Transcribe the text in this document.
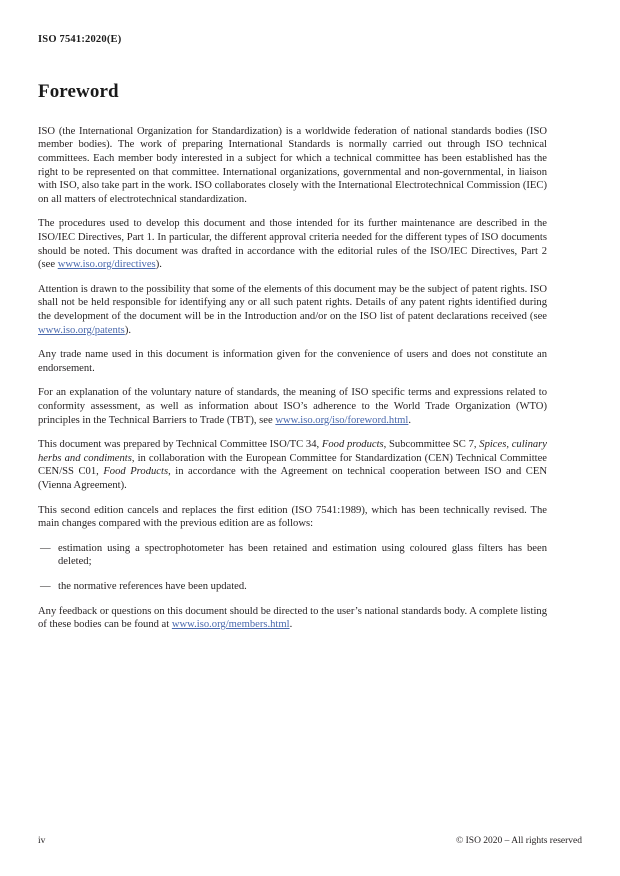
ISO 7541:2020(E)
Foreword

ISO (the International Organization for Standardization) is a worldwide federation of national standards bodies (ISO member bodies). The work of preparing International Standards is normally carried out through ISO technical committees. Each member body interested in a subject for which a technical committee has been established has the right to be represented on that committee. International organizations, governmental and non-governmental, in liaison with ISO, also take part in the work. ISO collaborates closely with the International Electrotechnical Commission (IEC) on all matters of electrotechnical standardization.

The procedures used to develop this document and those intended for its further maintenance are described in the ISO/IEC Directives, Part 1. In particular, the different approval criteria needed for the different types of ISO documents should be noted. This document was drafted in accordance with the editorial rules of the ISO/IEC Directives, Part 2 (see www.iso.org/directives).

Attention is drawn to the possibility that some of the elements of this document may be the subject of patent rights. ISO shall not be held responsible for identifying any or all such patent rights. Details of any patent rights identified during the development of the document will be in the Introduction and/or on the ISO list of patent declarations received (see www.iso.org/patents).

Any trade name used in this document is information given for the convenience of users and does not constitute an endorsement.

For an explanation of the voluntary nature of standards, the meaning of ISO specific terms and expressions related to conformity assessment, as well as information about ISO’s adherence to the World Trade Organization (WTO) principles in the Technical Barriers to Trade (TBT), see www.iso.org/iso/foreword.html.

This document was prepared by Technical Committee ISO/TC 34, Food products, Subcommittee SC 7, Spices, culinary herbs and condiments, in collaboration with the European Committee for Standardization (CEN) Technical Committee CEN/SS C01, Food Products, in accordance with the Agreement on technical cooperation between ISO and CEN (Vienna Agreement).

This second edition cancels and replaces the first edition (ISO 7541:1989), which has been technically revised. The main changes compared with the previous edition are as follows:

— estimation using a spectrophotometer has been retained and estimation using coloured glass filters has been deleted;
— the normative references have been updated.

Any feedback or questions on this document should be directed to the user’s national standards body. A complete listing of these bodies can be found at www.iso.org/members.html.

iv	© ISO 2020 – All rights reserved
